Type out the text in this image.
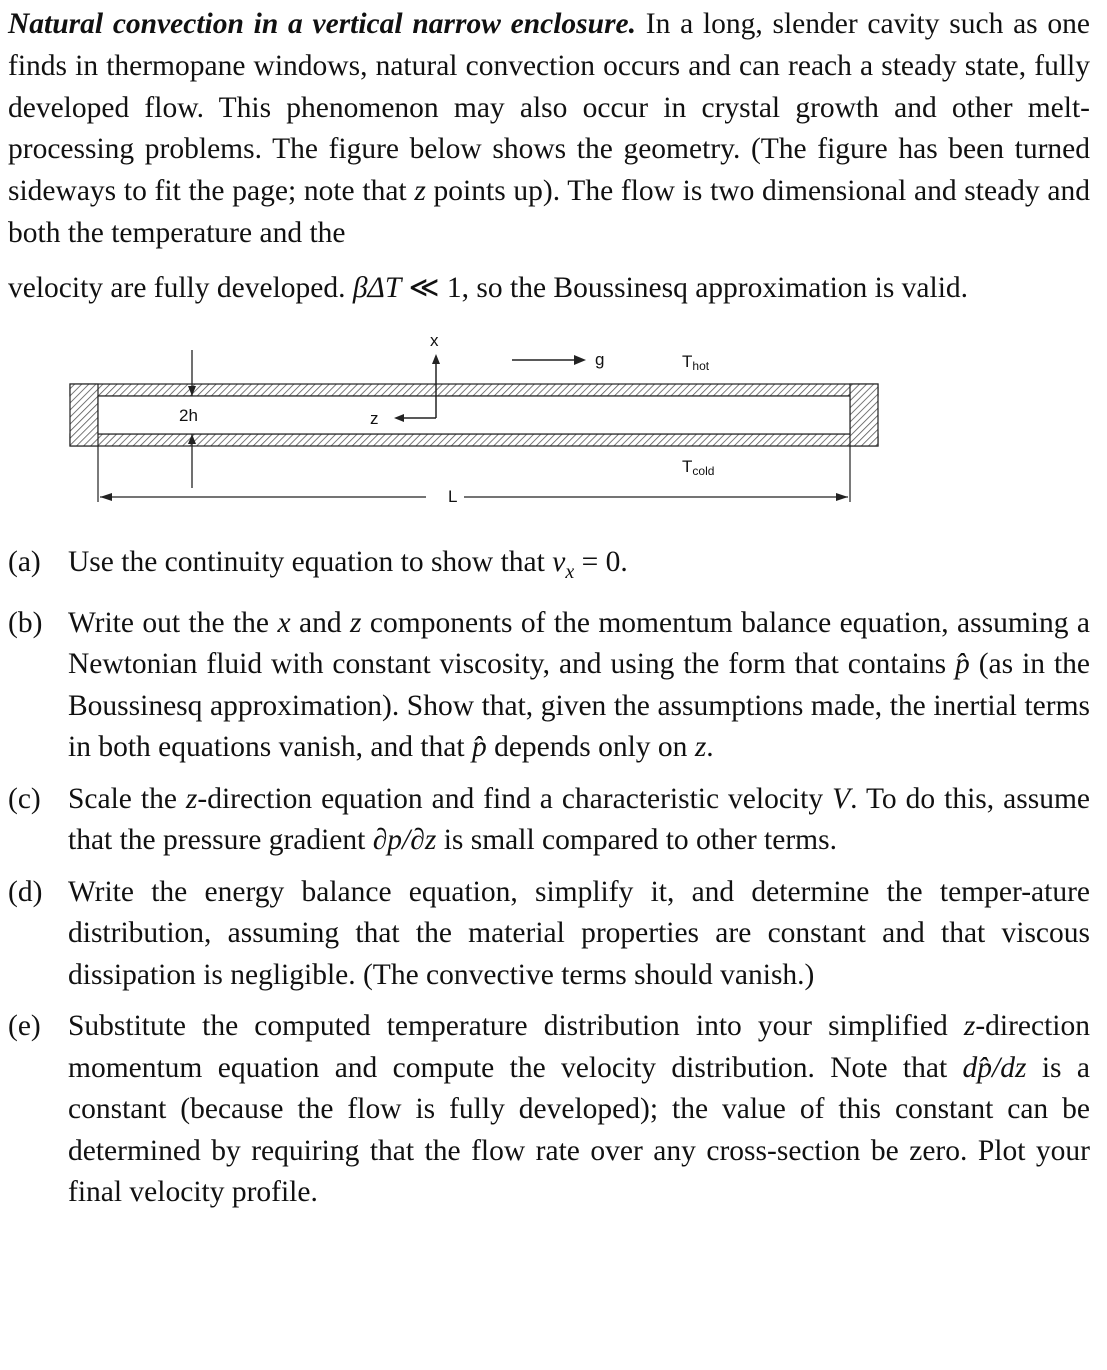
Natural convection in a vertical narrow enclosure. In a long, slender cavity such as one finds in thermopane windows, natural convection occurs and can reach a steady state, fully developed flow. This phenomenon may also occur in crystal growth and other melt-processing problems. The figure below shows the geometry. (The figure has been turned sideways to fit the page; note that z points up). The flow is two dimensional and steady and both the temperature and the

velocity are fully developed. βΔT ≪ 1, so the Boussinesq approximation is valid.

x
z
g
2h
L
$T_{hot}$
$T_{cold}$
(a) Use the continuity equation to show that $v_x = 0$.
(b) Write out the the x and z components of the momentum balance equation, assuming a Newtonian fluid with constant viscosity, and using the form that contains p̂ (as in the Boussinesq approximation). Show that, given the assumptions made, the inertial terms in both equations vanish, and that p̂ depends only on z.
(c) Scale the z-direction equation and find a characteristic velocity V. To do this, assume that the pressure gradient ∂p/∂z is small compared to other terms.
(d) Write the energy balance equation, simplify it, and determine the temper-ature distribution, assuming that the material properties are constant and that viscous dissipation is negligible. (The convective terms should vanish.)
(e) Substitute the computed temperature distribution into your simplified z-direction momentum equation and compute the velocity distribution. Note that dp̂/dz is a constant (because the flow is fully developed); the value of this constant can be determined by requiring that the flow rate over any cross-section be zero. Plot your final velocity profile.
